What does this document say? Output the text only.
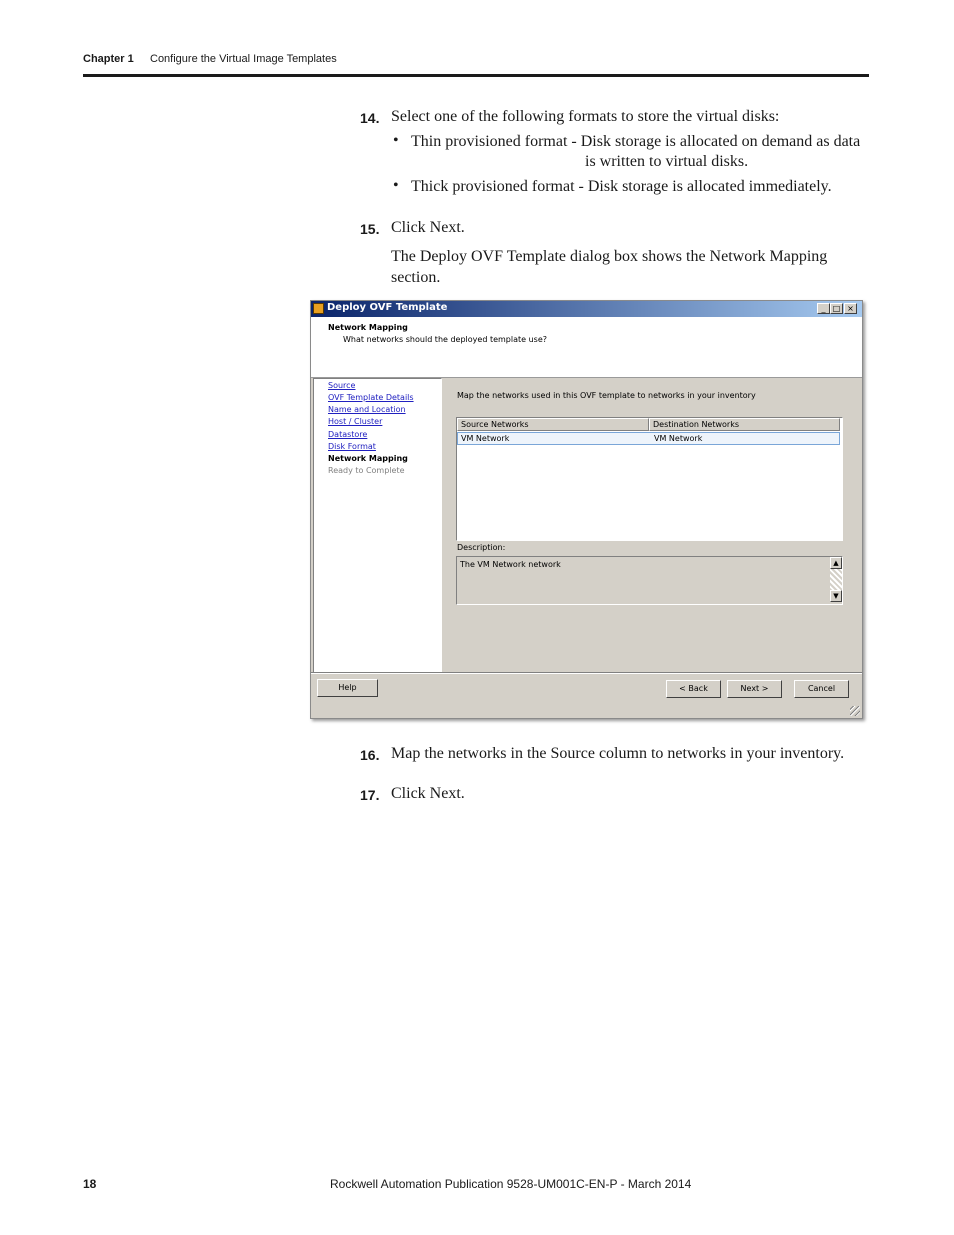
Chapter 1 Configure the Virtual Image Templates
14. Select one of the following formats to store the virtual disks:
• Thin provisioned format - Disk storage is allocated on demand as data
is written to virtual disks.
• Thick provisioned format - Disk storage is allocated immediately.
15. Click Next.
The Deploy OVF Template dialog box shows the Network Mapping
section.
Deploy OVF Template	_ □ ×
Network Mapping
What networks should the deployed template use?
Source
OVF Template Details
Name and Location
Host / Cluster
Datastore
Disk Format
Network Mapping
Ready to Complete
Map the networks used in this OVF template to networks in your inventory
Source Networks	Destination Networks
VM Network	VM Network
Description:
The VM Network network	▲
▼
Help	< Back	Next >	Cancel
16. Map the networks in the Source column to networks in your inventory.
17. Click Next.
18	Rockwell Automation Publication 9528-UM001C-EN-P - March 2014
